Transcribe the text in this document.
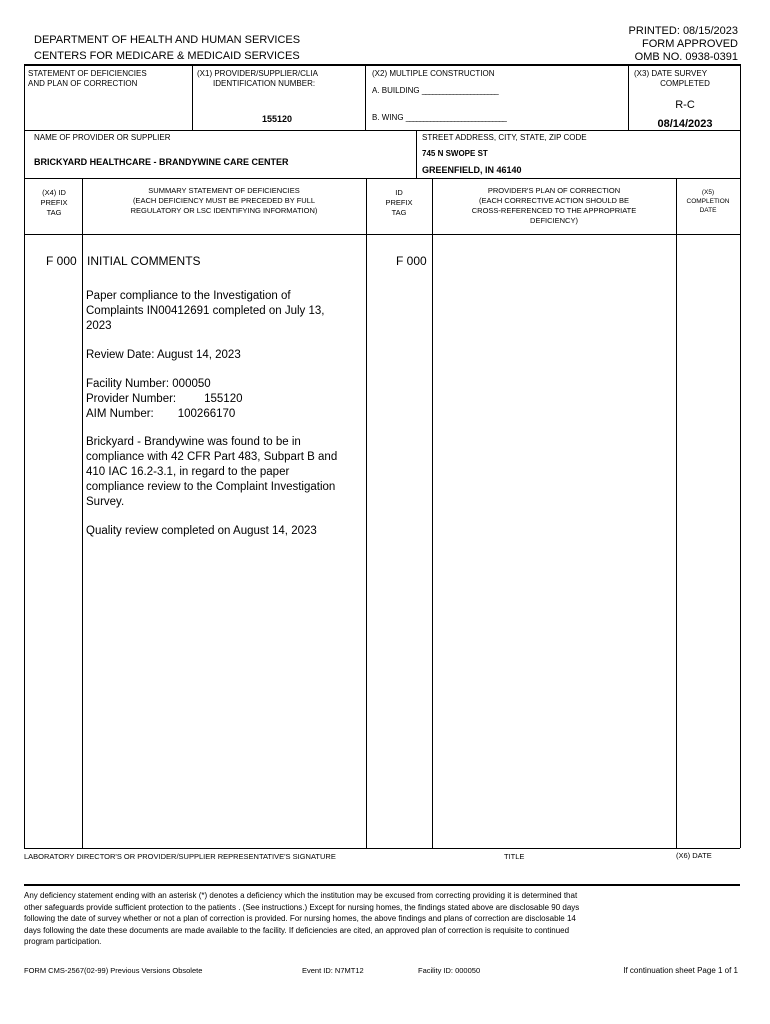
DEPARTMENT OF HEALTH AND HUMAN SERVICES
CENTERS FOR MEDICARE & MEDICAID SERVICES
PRINTED: 08/15/2023
FORM APPROVED
OMB NO. 0938-0391
STATEMENT OF DEFICIENCIES
AND PLAN OF CORRECTION
(X1) PROVIDER/SUPPLIER/CLIA
IDENTIFICATION NUMBER:
155120
(X2) MULTIPLE CONSTRUCTION
A. BUILDING ______________________
B. WING _____________________________
(X3) DATE SURVEY
COMPLETED
R-C
08/14/2023
NAME OF PROVIDER OR SUPPLIER
BRICKYARD HEALTHCARE - BRANDYWINE CARE CENTER
STREET ADDRESS, CITY, STATE, ZIP CODE
745 N SWOPE ST
GREENFIELD, IN 46140
(X4) ID
PREFIX
TAG
SUMMARY STATEMENT OF DEFICIENCIES
(EACH DEFICIENCY MUST BE PRECEDED BY FULL
REGULATORY OR LSC IDENTIFYING INFORMATION)
ID
PREFIX
TAG
PROVIDER'S PLAN OF CORRECTION
(EACH CORRECTIVE ACTION SHOULD BE
CROSS-REFERENCED TO THE APPROPRIATE
DEFICIENCY)
(X5)
COMPLETION
DATE
F 000 INITIAL COMMENTS	F 000
Paper compliance to the Investigation of
Complaints IN00412691 completed on July 13,
2023
Review Date: August 14, 2023
Facility Number: 000050
Provider Number: 155120
AIM Number: 100266170
Brickyard - Brandywine was found to be in
compliance with 42 CFR Part 483, Subpart B and
410 IAC 16.2-3.1, in regard to the paper
compliance review to the Complaint Investigation
Survey.
Quality review completed on August 14, 2023
LABORATORY DIRECTOR'S OR PROVIDER/SUPPLIER REPRESENTATIVE'S SIGNATURE	TITLE	(X6) DATE
Any deficiency statement ending with an asterisk (*) denotes a deficiency which the institution may be excused from correcting providing it is determined that
other safeguards provide sufficient protection to the patients . (See instructions.) Except for nursing homes, the findings stated above are disclosable 90 days
following the date of survey whether or not a plan of correction is provided. For nursing homes, the above findings and plans of correction are disclosable 14
days following the date these documents are made available to the facility. If deficiencies are cited, an approved plan of correction is requisite to continued
program participation.
FORM CMS-2567(02-99) Previous Versions Obsolete	Event ID: N7MT12	Facility ID: 000050	If continuation sheet Page 1 of 1
